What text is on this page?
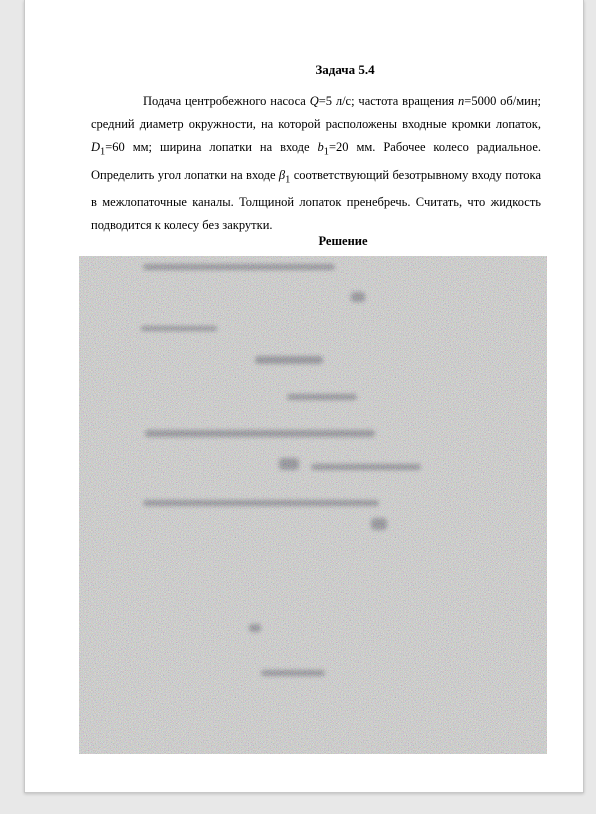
Задача 5.4
Подача центробежного насоса Q=5 л/с; частота вращения n=5000 об/мин; средний диаметр окружности, на которой расположены входные кромки лопаток, $D_1=60$ мм; ширина лопатки на входе $b_1=20$ мм. Рабочее колесо радиальное. Определить угол лопатки на входе $\beta_1$ соответствующий безотрывному входу потока в межлопаточные каналы. Толщиной лопаток пренебречь. Считать, что жидкость подводится к колесу без закрутки.
Решение
